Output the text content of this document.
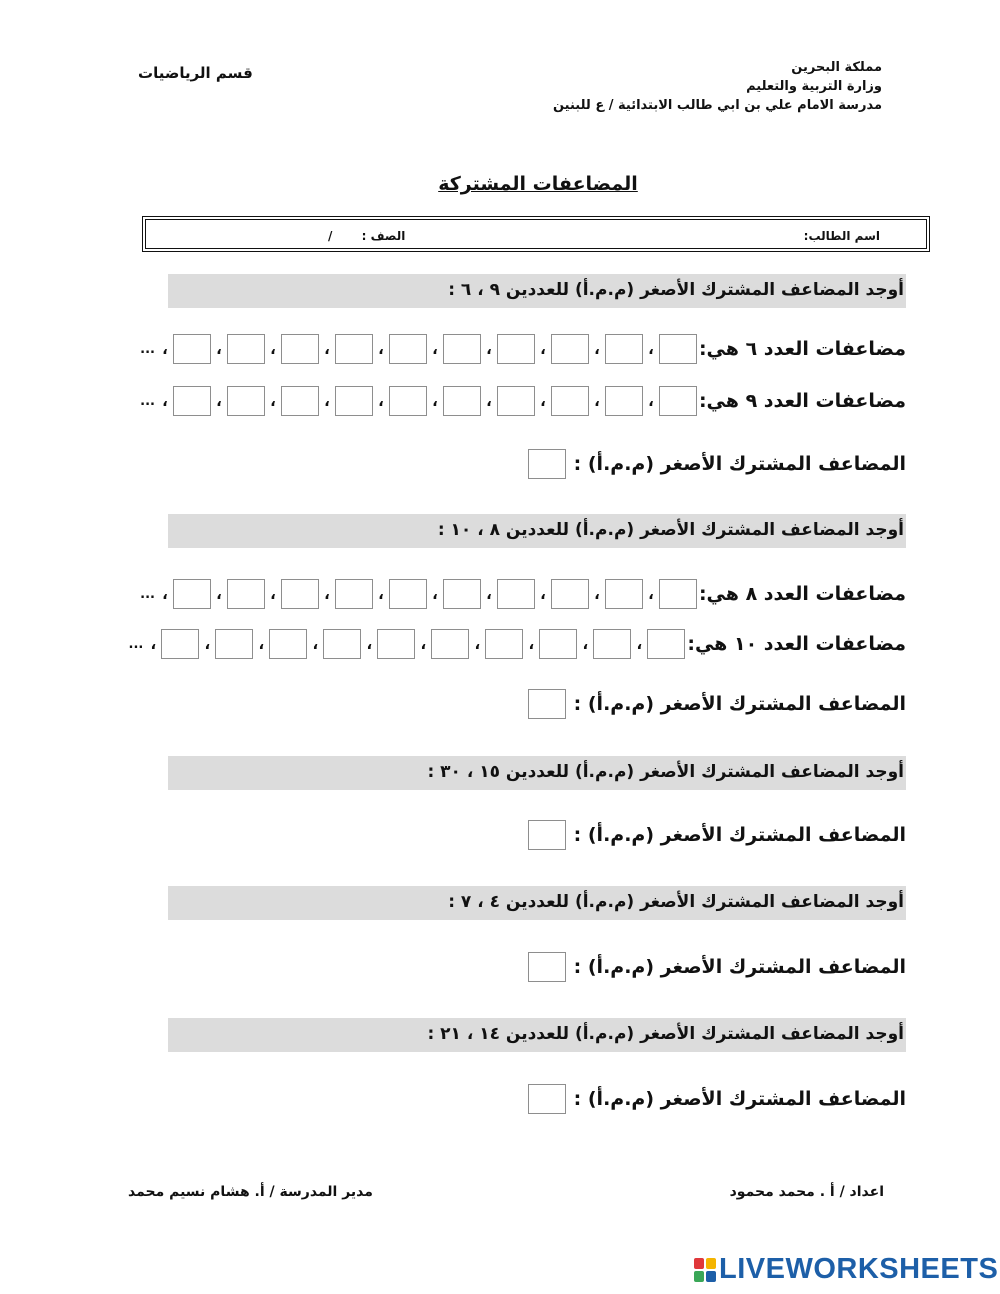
مملكة البحرين
وزارة التربية والتعليم
مدرسة الامام علي بن ابي طالب الابتدائية / ع للبنين
قسم الرياضيات
المضاعفات المشتركة
اسم الطالب:
الصف :       /
أوجد المضاعف المشترك الأصغر (م.م.أ) للعددين ٩ ، ٦ :
مضاعفات العدد ٦ هي:
،
،
،
،
،
،
،
،
،
،
...
مضاعفات العدد ٩ هي:
،
،
،
،
،
،
،
،
،
،
...
المضاعف المشترك الأصغر (م.م.أ) :
أوجد المضاعف المشترك الأصغر (م.م.أ) للعددين ٨ ، ١٠ :
مضاعفات العدد ٨ هي:
،
،
،
،
،
،
،
،
،
،
...
مضاعفات العدد ١٠ هي:
،
،
،
،
،
،
،
،
،
،
...
المضاعف المشترك الأصغر (م.م.أ) :
أوجد المضاعف المشترك الأصغر (م.م.أ) للعددين ١٥ ، ٣٠ :
المضاعف المشترك الأصغر (م.م.أ) :
أوجد المضاعف المشترك الأصغر (م.م.أ) للعددين ٤ ، ٧ :
المضاعف المشترك الأصغر (م.م.أ) :
أوجد المضاعف المشترك الأصغر (م.م.أ) للعددين ١٤ ، ٢١ :
المضاعف المشترك الأصغر (م.م.أ) :
اعداد / أ . محمد محمود
مدير المدرسة / أ. هشام نسيم محمد
LIVEWORKSHEETS
